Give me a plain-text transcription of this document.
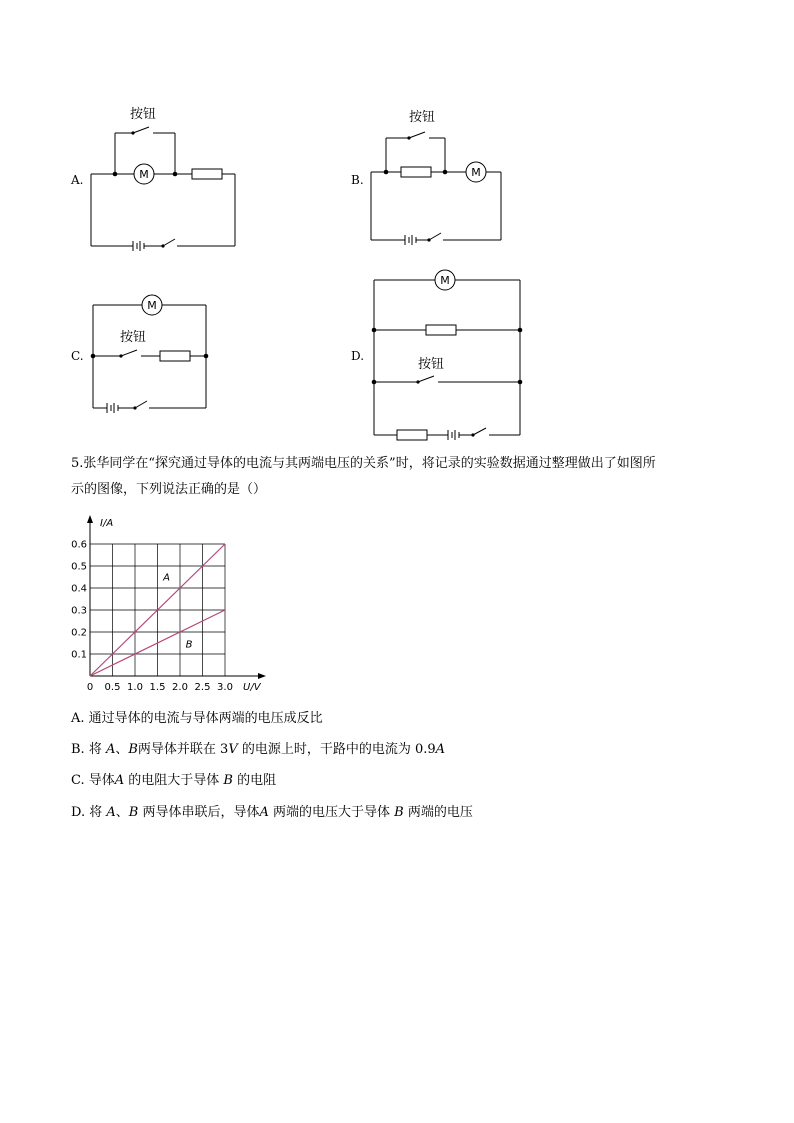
A.	M
按钮
B.
M
按钮
C.
M
按钮
D.
M
按钮
5.张华同学在“探究通过导体的电流与其两端电压的关系”时，将记录的实验数据通过整理做出了如图所
示的图像，下列说法正确的是（）
A
B
0 0.5 1.0 1.5 2.0 2.5 3.0
0.1
0.2
0.3
0.4
0.5
0.6
I/A
U/V
A. 通过导体的电流与导体两端的电压成反比
B. 将 A、B两导体并联在 3V 的电源上时，干路中的电流为 0.9A
C. 导体A 的电阻大于导体 B 的电阻
D. 将 A、B 两导体串联后，导体A 两端的电压大于导体 B 两端的电压
